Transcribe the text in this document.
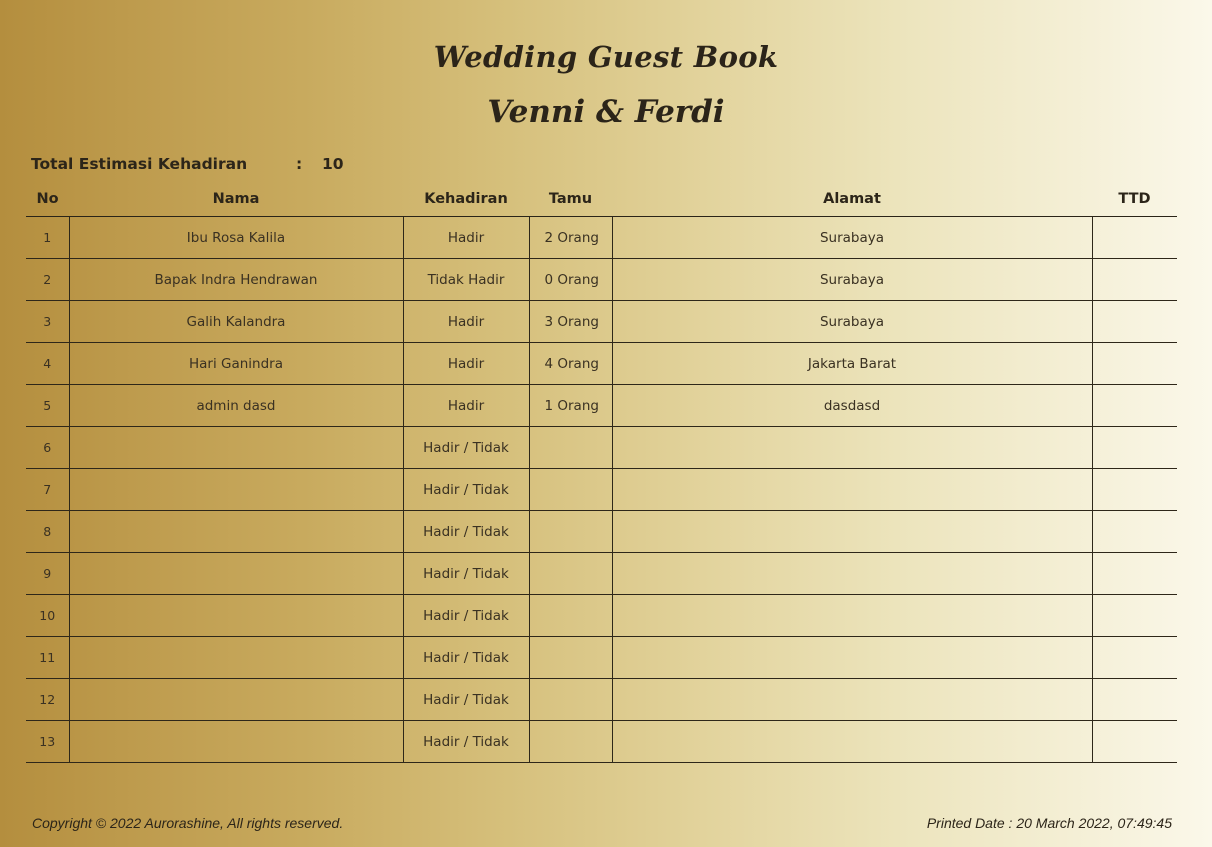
Wedding Guest Book
Venni & Ferdi
Total Estimasi Kehadiran	: 10
No	Nama	Kehadiran	Tamu	Alamat	TTD
1	Ibu Rosa Kalila	Hadir	2 Orang	Surabaya	
2	Bapak Indra Hendrawan	Tidak Hadir	0 Orang	Surabaya	
3	Galih Kalandra	Hadir	3 Orang	Surabaya	
4	Hari Ganindra	Hadir	4 Orang	Jakarta Barat	
5	admin dasd	Hadir	1 Orang	dasdasd	
6		Hadir / Tidak			
7		Hadir / Tidak			
8		Hadir / Tidak			
9		Hadir / Tidak			
10		Hadir / Tidak			
11		Hadir / Tidak			
12		Hadir / Tidak			
13		Hadir / Tidak			
Copyright © 2022 Aurorashine, All rights reserved.	Printed Date : 20 March 2022, 07:49:45
